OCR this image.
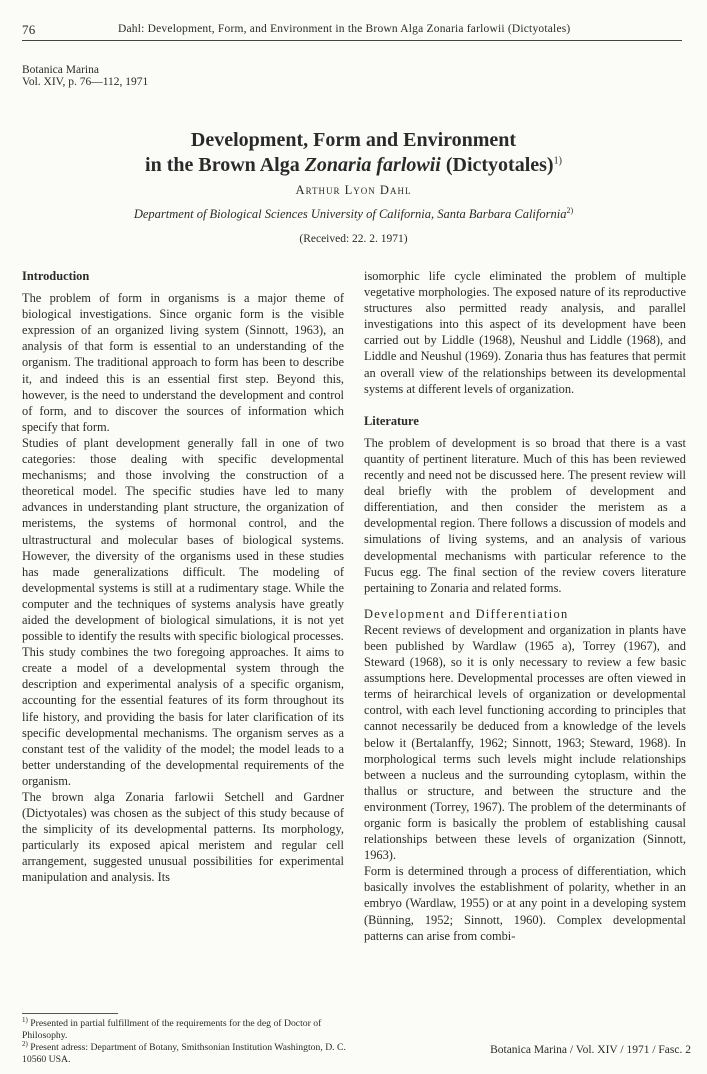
76	Dahl: Development, Form, and Environment in the Brown Alga Zonaria farlowii (Dictyotales)
Botanica Marina
Vol. XIV, p. 76—112, 1971
Development, Form and Environment
in the Brown Alga Zonaria farlowii (Dictyotales)$^{1)}$
Arthur Lyon Dahl
Department of Biological Sciences University of California, Santa Barbara California$^{2)}$
(Received: 22. 2. 1971)
Introduction

The problem of form in organisms is a major theme of biological investigations. Since organic form is the visible expression of an organized living system (Sinnott, 1963), an analysis of that form is essential to an understanding of the organism. The traditional approach to form has been to describe it, and indeed this is an essential first step. Beyond this, however, is the need to understand the development and control of form, and to discover the sources of information which specify that form.

Studies of plant development generally fall in one of two categories: those dealing with specific developmental mechanisms; and those involving the construction of a theoretical model. The specific studies have led to many advances in understanding plant structure, the organization of meristems, the systems of hormonal control, and the ultrastructural and molecular bases of biological systems. However, the diversity of the organisms used in these studies has made generalizations difficult. The modeling of developmental systems is still at a rudimentary stage. While the computer and the techniques of systems analysis have greatly aided the development of biological simulations, it is not yet possible to identify the results with specific biological processes.

This study combines the two foregoing approaches. It aims to create a model of a developmental system through the description and experimental analysis of a specific organism, accounting for the essential features of its form throughout its life history, and providing the basis for later clarification of its specific developmental mechanisms. The organism serves as a constant test of the validity of the model; the model leads to a better understanding of the developmental requirements of the organism.

The brown alga Zonaria farlowii Setchell and Gardner (Dictyotales) was chosen as the subject of this study because of the simplicity of its developmental patterns. Its morphology, particularly its exposed apical meristem and regular cell arrangement, suggested unusual possibilities for experimental manipulation and analysis. Its

isomorphic life cycle eliminated the problem of multiple vegetative morphologies. The exposed nature of its reproductive structures also permitted ready analysis, and parallel investigations into this aspect of its development have been carried out by Liddle (1968), Neushul and Liddle (1968), and Liddle and Neushul (1969). Zonaria thus has features that permit an overall view of the relationships between its developmental systems at different levels of organization.

Literature

The problem of development is so broad that there is a vast quantity of pertinent literature. Much of this has been reviewed recently and need not be discussed here. The present review will deal briefly with the problem of development and differentiation, and then consider the meristem as a developmental region. There follows a discussion of models and simulations of living systems, and an analysis of various developmental mechanisms with particular reference to the Fucus egg. The final section of the review covers literature pertaining to Zonaria and related forms.

Development and Differentiation

Recent reviews of development and organization in plants have been published by Wardlaw (1965 a), Torrey (1967), and Steward (1968), so it is only necessary to review a few basic assumptions here. Developmental processes are often viewed in terms of heirarchical levels of organization or developmental control, with each level functioning according to principles that cannot necessarily be deduced from a knowledge of the levels below it (Bertalanffy, 1962; Sinnott, 1963; Steward, 1968). In morphological terms such levels might include relationships between a nucleus and the surrounding cytoplasm, within the thallus or structure, and between the structure and the environment (Torrey, 1967). The problem of the determinants of organic form is basically the problem of establishing causal relationships between these levels of organization (Sinnott, 1963).

Form is determined through a process of differentiation, which basically involves the establishment of polarity, whether in an embryo (Wardlaw, 1955) or at any point in a developing system (Bünning, 1952; Sinnott, 1960). Complex developmental patterns can arise from combi-

$^{1)}$ Presented in partial fulfillment of the requirements for the deg of Doctor of Philosophy.

$^{2)}$ Present adress: Department of Botany, Smithsonian Institution Washington, D. C. 10560 USA.

Botanica Marina / Vol. XIV / 1971 / Fasc. 2
